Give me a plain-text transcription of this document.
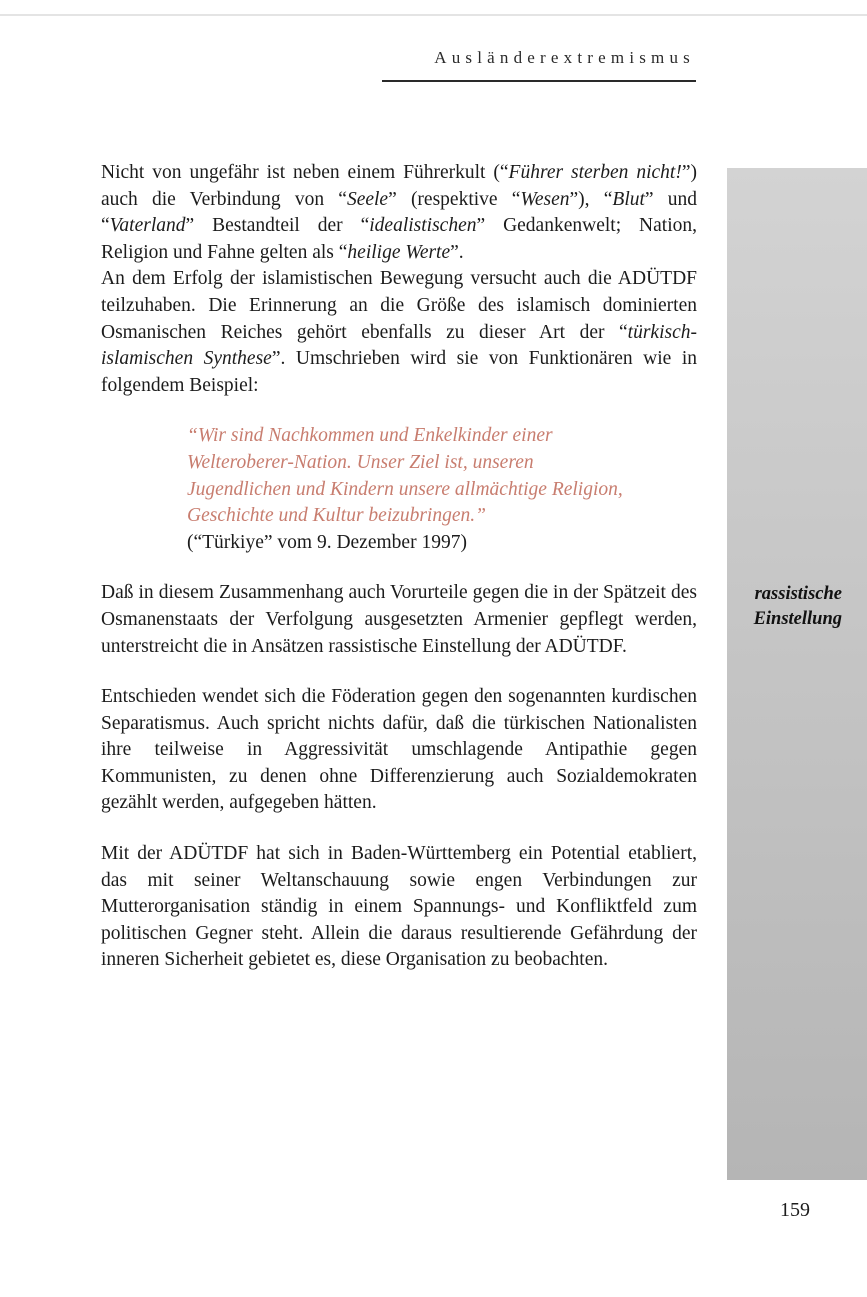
Ausländerextremismus

Nicht von ungefähr ist neben einem Führerkult (“Führer sterben nicht!”) auch die Verbindung von “Seele” (respektive “Wesen”), “Blut” und “Vaterland” Bestandteil der “idealistischen” Gedankenwelt; Nation, Religion und Fahne gelten als “heilige Werte”.

An dem Erfolg der islamistischen Bewegung versucht auch die ADÜTDF teilzuhaben. Die Erinnerung an die Größe des islamisch dominierten Osmanischen Reiches gehört ebenfalls zu dieser Art der “türkisch-islamischen Synthese”. Umschrieben wird sie von Funktionären wie in folgendem Beispiel:

“Wir sind Nachkommen und Enkelkinder einer Welteroberer-Nation. Unser Ziel ist, unseren Jugendlichen und Kindern unsere allmächtige Religion, Geschichte und Kultur beizubringen.”
(“Türkiye” vom 9. Dezember 1997)

Daß in diesem Zusammenhang auch Vorurteile gegen die in der Spätzeit des Osmanenstaats der Verfolgung ausgesetzten Armenier gepflegt werden, unterstreicht die in Ansätzen rassistische Einstellung der ADÜTDF.

Entschieden wendet sich die Föderation gegen den sogenannten kurdischen Separatismus. Auch spricht nichts dafür, daß die türkischen Nationalisten ihre teilweise in Aggressivität umschlagende Antipathie gegen Kommunisten, zu denen ohne Differenzierung auch Sozialdemokraten gezählt werden, aufgegeben hätten.

Mit der ADÜTDF hat sich in Baden-Württemberg ein Potential etabliert, das mit seiner Weltanschauung sowie engen Verbindungen zur Mutterorganisation ständig in einem Spannungs- und Konfliktfeld zum politischen Gegner steht. Allein die daraus resultierende Gefährdung der inneren Sicherheit gebietet es, diese Organisation zu beobachten.

rassistische
Einstellung
159
